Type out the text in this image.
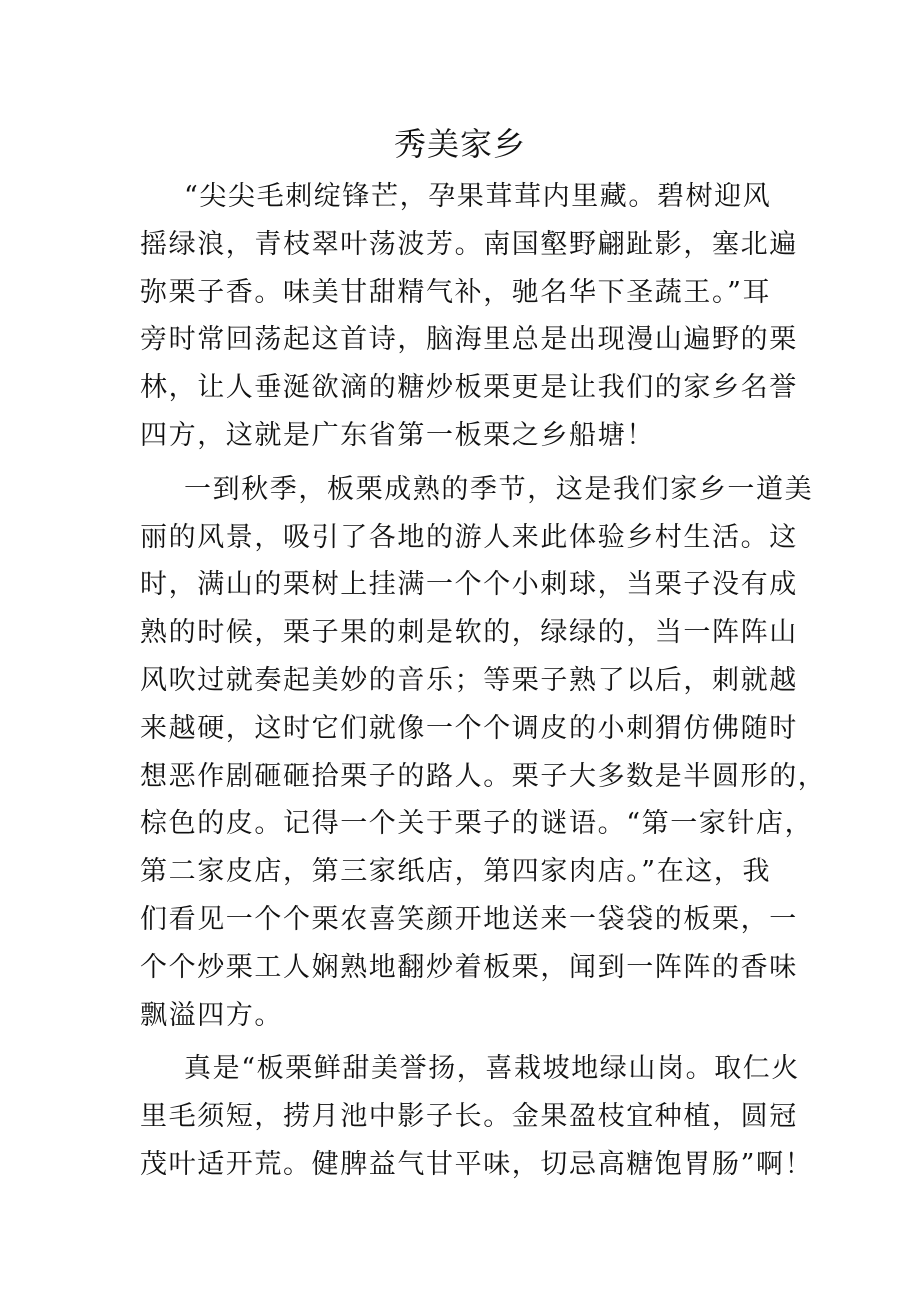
秀美家乡
“尖尖毛刺绽锋芒，孕果茸茸内里藏。碧树迎风
摇绿浪，青枝翠叶荡波芳。南国壑野翩趾影，塞北遍
弥栗子香。味美甘甜精气补，驰名华下圣蔬王。”耳
旁时常回荡起这首诗，脑海里总是出现漫山遍野的栗
林，让人垂涎欲滴的糖炒板栗更是让我们的家乡名誉
四方，这就是广东省第一板栗之乡船塘！
一到秋季，板栗成熟的季节，这是我们家乡一道美
丽的风景，吸引了各地的游人来此体验乡村生活。这
时，满山的栗树上挂满一个个小刺球，当栗子没有成
熟的时候，栗子果的刺是软的，绿绿的，当一阵阵山
风吹过就奏起美妙的音乐；等栗子熟了以后，刺就越
来越硬，这时它们就像一个个调皮的小刺猬仿佛随时
想恶作剧砸砸拾栗子的路人。栗子大多数是半圆形的，
棕色的皮。记得一个关于栗子的谜语。“第一家针店，
第二家皮店，第三家纸店，第四家肉店。”在这，我
们看见一个个栗农喜笑颜开地送来一袋袋的板栗，一
个个炒栗工人娴熟地翻炒着板栗，闻到一阵阵的香味
飘溢四方。
真是“板栗鲜甜美誉扬，喜栽坡地绿山岗。取仁火
里毛须短，捞月池中影子长。金果盈枝宜种植，圆冠
茂叶适开荒。健脾益气甘平味，切忌高糖饱胃肠”啊！
